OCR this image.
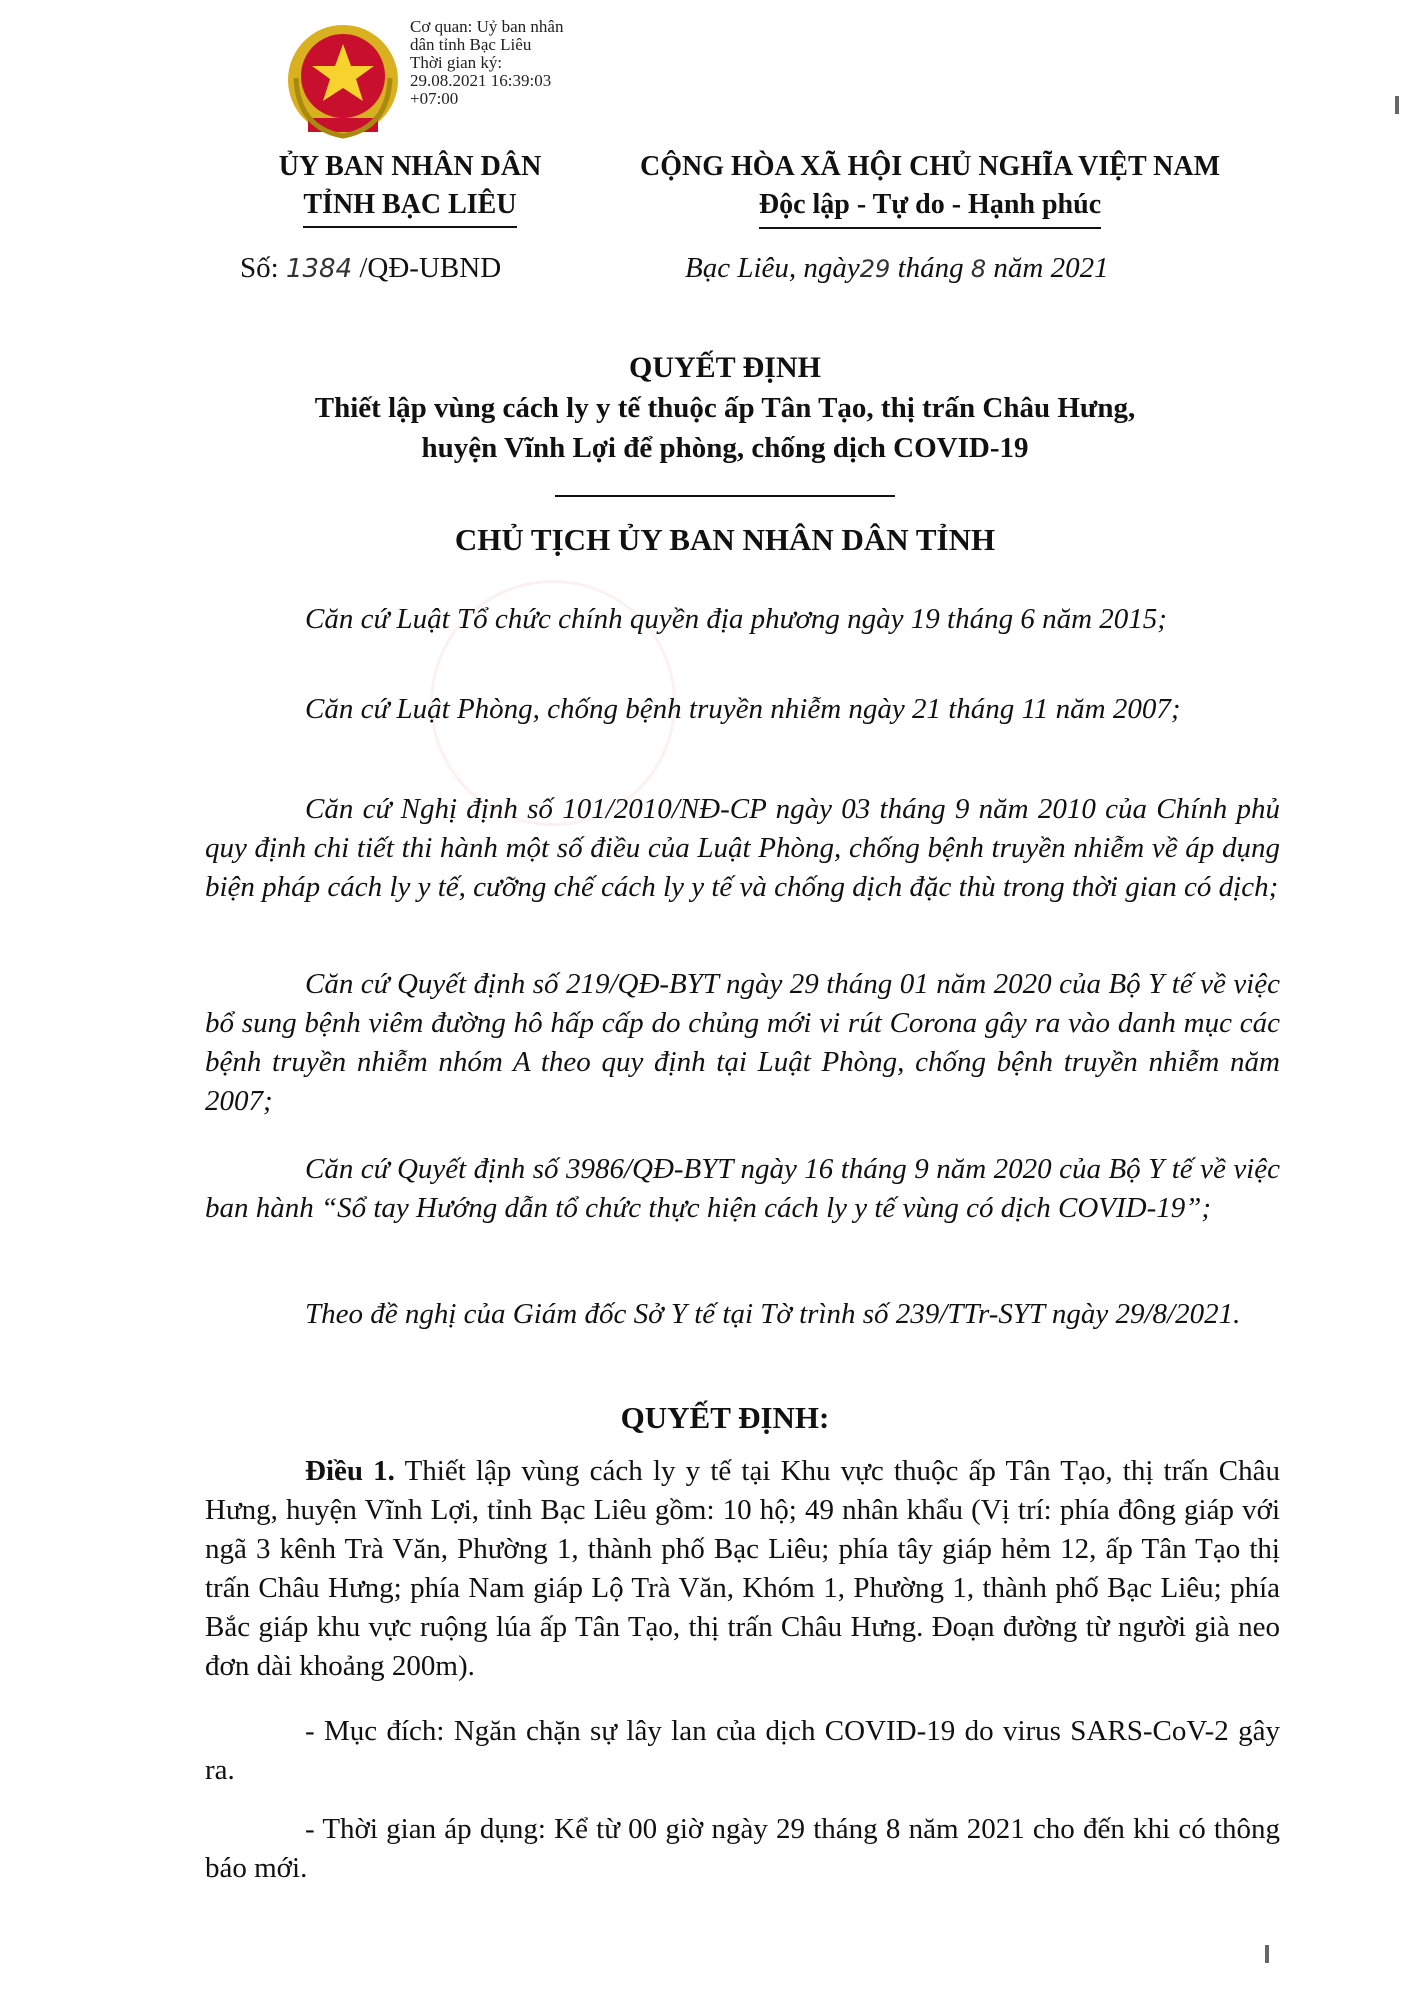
Cơ quan: Uỷ ban nhân
dân tỉnh Bạc Liêu
Thời gian ký:
29.08.2021 16:39:03
+07:00
ỦY BAN NHÂN DÂN
TỈNH BẠC LIÊU
CỘNG HÒA XÃ HỘI CHỦ NGHĨA VIỆT NAM
Độc lập - Tự do - Hạnh phúc
Số: 1384 /QĐ-UBND	Bạc Liêu, ngày29 tháng 8 năm 2021
QUYẾT ĐỊNH
Thiết lập vùng cách ly y tế thuộc ấp Tân Tạo, thị trấn Châu Hưng,
huyện Vĩnh Lợi để phòng, chống dịch COVID-19
CHỦ TỊCH ỦY BAN NHÂN DÂN TỈNH
Căn cứ Luật Tổ chức chính quyền địa phương ngày 19 tháng 6 năm 2015;
Căn cứ Luật Phòng, chống bệnh truyền nhiễm ngày 21 tháng 11 năm 2007;
Căn cứ Nghị định số 101/2010/NĐ-CP ngày 03 tháng 9 năm 2010 của Chính phủ quy định chi tiết thi hành một số điều của Luật Phòng, chống bệnh truyền nhiễm về áp dụng biện pháp cách ly y tế, cưỡng chế cách ly y tế và chống dịch đặc thù trong thời gian có dịch;
Căn cứ Quyết định số 219/QĐ-BYT ngày 29 tháng 01 năm 2020 của Bộ Y tế về việc bổ sung bệnh viêm đường hô hấp cấp do chủng mới vi rút Corona gây ra vào danh mục các bệnh truyền nhiễm nhóm A theo quy định tại Luật Phòng, chống bệnh truyền nhiễm năm 2007;
Căn cứ Quyết định số 3986/QĐ-BYT ngày 16 tháng 9 năm 2020 của Bộ Y tế về việc ban hành “Sổ tay Hướng dẫn tổ chức thực hiện cách ly y tế vùng có dịch COVID-19”;
Theo đề nghị của Giám đốc Sở Y tế tại Tờ trình số 239/TTr-SYT ngày 29/8/2021.
QUYẾT ĐỊNH:
Điều 1. Thiết lập vùng cách ly y tế tại Khu vực thuộc ấp Tân Tạo, thị trấn Châu Hưng, huyện Vĩnh Lợi, tỉnh Bạc Liêu gồm: 10 hộ; 49 nhân khẩu (Vị trí: phía đông giáp với ngã 3 kênh Trà Văn, Phường 1, thành phố Bạc Liêu; phía tây giáp hẻm 12, ấp Tân Tạo thị trấn Châu Hưng; phía Nam giáp Lộ Trà Văn, Khóm 1, Phường 1, thành phố Bạc Liêu; phía Bắc giáp khu vực ruộng lúa ấp Tân Tạo, thị trấn Châu Hưng. Đoạn đường từ người già neo đơn dài khoảng 200m).
- Mục đích: Ngăn chặn sự lây lan của dịch COVID-19 do virus SARS-CoV-2 gây ra.
- Thời gian áp dụng: Kể từ 00 giờ ngày 29 tháng 8 năm 2021 cho đến khi có thông báo mới.
